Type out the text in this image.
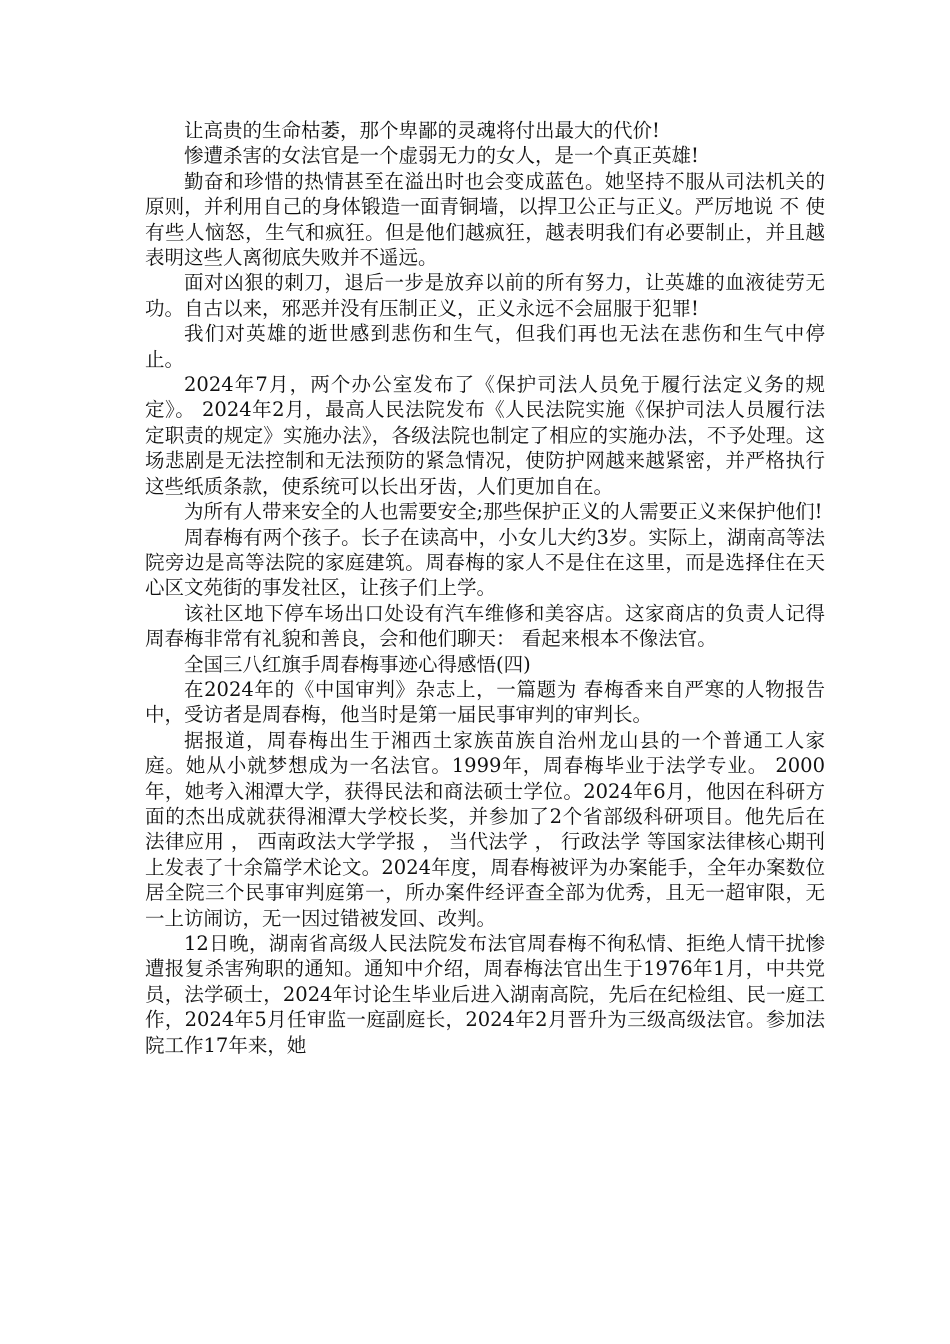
让高贵的生命枯萎，那个卑鄙的灵魂将付出最大的代价!

惨遭杀害的女法官是一个虚弱无力的女人，是一个真正英雄!

勤奋和珍惜的热情甚至在溢出时也会变成蓝色。她坚持不服从司法机关的原则，并利用自己的身体锻造一面青铜墙，以捍卫公正与正义。严厉地说 不 使有些人恼怒，生气和疯狂。但是他们越疯狂，越表明我们有必要制止，并且越表明这些人离彻底失败并不遥远。

面对凶狠的刺刀，退后一步是放弃以前的所有努力，让英雄的血液徒劳无功。自古以来，邪恶并没有压制正义，正义永远不会屈服于犯罪!

我们对英雄的逝世感到悲伤和生气，但我们再也无法在悲伤和生气中停止。

2024年7月，两个办公室发布了《保护司法人员免于履行法定义务的规定》。 2024年2月，最高人民法院发布《人民法院实施《保护司法人员履行法定职责的规定》实施办法》，各级法院也制定了相应的实施办法，不予处理。这场悲剧是无法控制和无法预防的紧急情况，使防护网越来越紧密，并严格执行这些纸质条款，使系统可以长出牙齿，人们更加自在。

为所有人带来安全的人也需要安全;那些保护正义的人需要正义来保护他们!

周春梅有两个孩子。长子在读高中，小女儿大约3岁。实际上，湖南高等法院旁边是高等法院的家庭建筑。周春梅的家人不是住在这里，而是选择住在天心区文苑街的事发社区，让孩子们上学。

该社区地下停车场出口处设有汽车维修和美容店。这家商店的负责人记得周春梅非常有礼貌和善良，会和他们聊天： 看起来根本不像法官。

全国三八红旗手周春梅事迹心得感悟(四)

在2024年的《中国审判》杂志上，一篇题为 春梅香来自严寒的人物报告中，受访者是周春梅，他当时是第一届民事审判的审判长。

据报道，周春梅出生于湘西土家族苗族自治州龙山县的一个普通工人家庭。她从小就梦想成为一名法官。1999年，周春梅毕业于法学专业。 2000年，她考入湘潭大学，获得民法和商法硕士学位。2024年6月，他因在科研方面的杰出成就获得湘潭大学校长奖，并参加了2个省部级科研项目。他先后在 法律应用 ， 西南政法大学学报 ， 当代法学 ， 行政法学 等国家法律核心期刊上发表了十余篇学术论文。2024年度，周春梅被评为办案能手，全年办案数位居全院三个民事审判庭第一，所办案件经评查全部为优秀，且无一超审限，无一上访闹访，无一因过错被发回、改判。

12日晚，湖南省高级人民法院发布法官周春梅不徇私情、拒绝人情干扰惨遭报复杀害殉职的通知。通知中介绍，周春梅法官出生于1976年1月，中共党员，法学硕士，2024年讨论生毕业后进入湖南高院，先后在纪检组、民一庭工作，2024年5月任审监一庭副庭长，2024年2月晋升为三级高级法官。参加法院工作17年来，她
